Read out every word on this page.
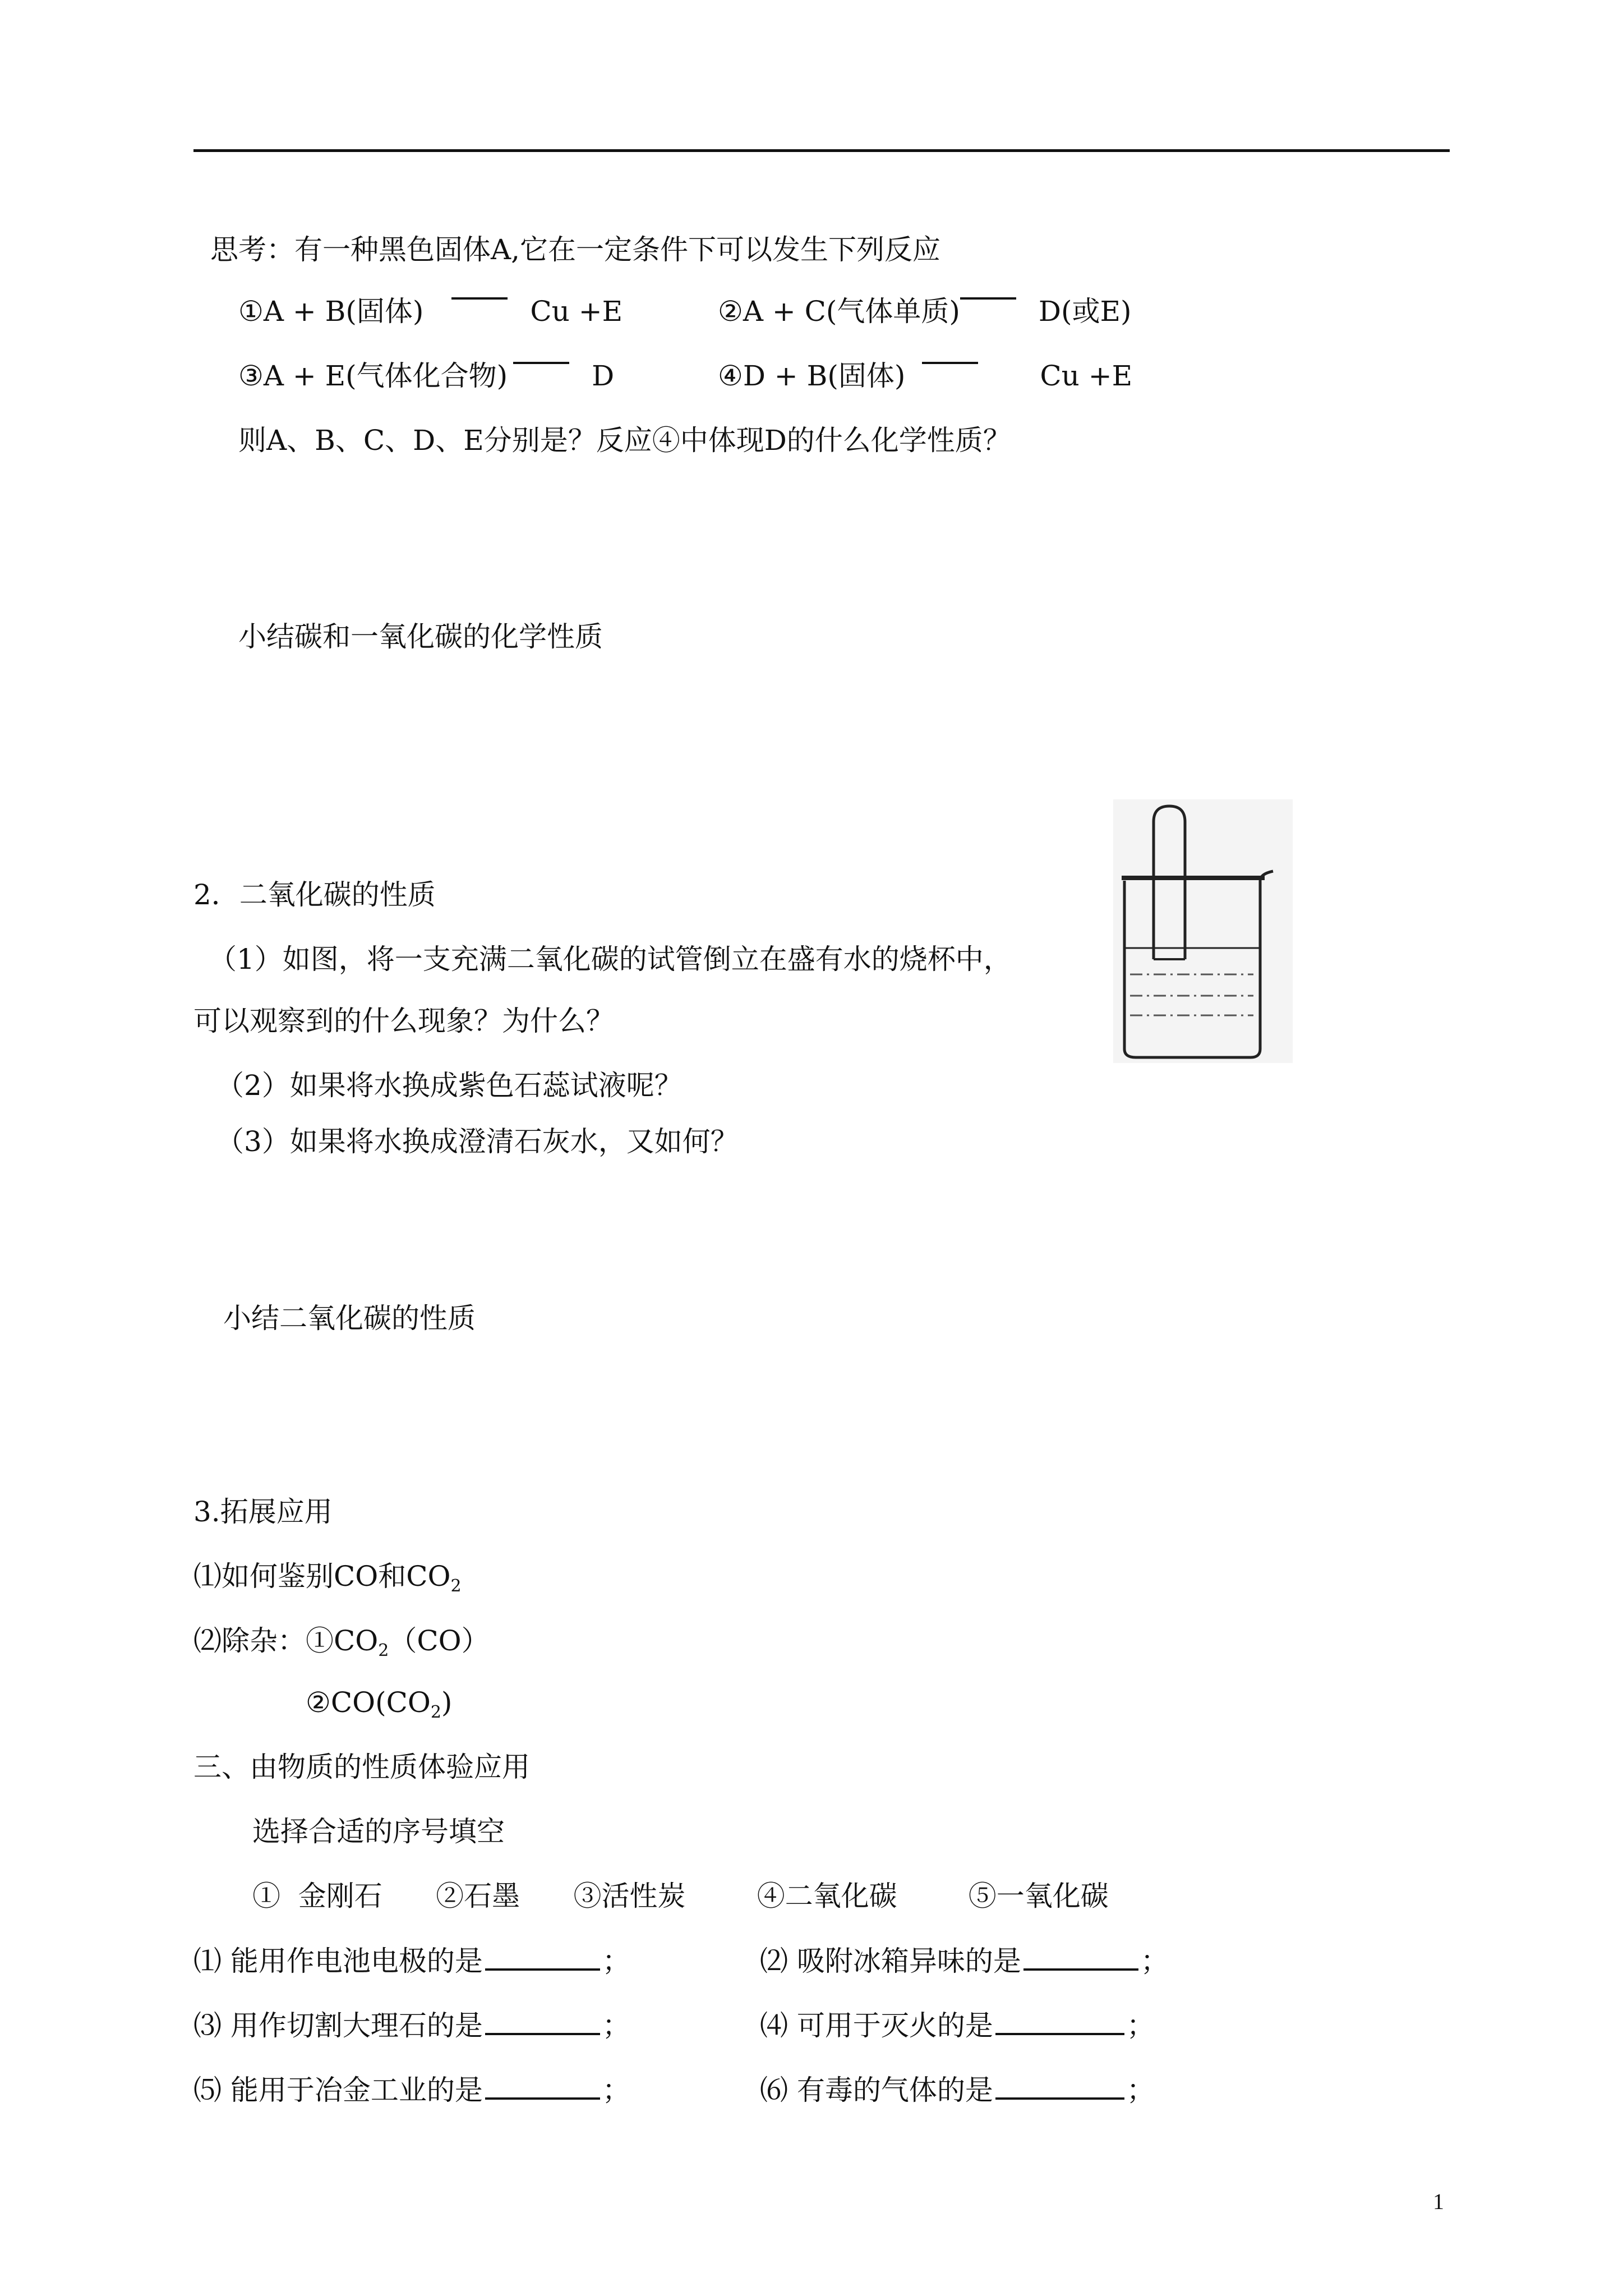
思考：有一种黑色固体A,它在一定条件下可以发生下列反应
①A + B(固体)	Cu +E	②A + C(气体单质)	D(或E)
③A + E(气体化合物)	D	④D + B(固体)	Cu +E
则A、B、C、D、E分别是？反应④中体现D的什么化学性质？
小结碳和一氧化碳的化学性质
2．二氧化碳的性质
（1）如图，将一支充满二氧化碳的试管倒立在盛有水的烧杯中，
可以观察到的什么现象？为什么？
（2）如果将水换成紫色石蕊试液呢？
（3）如果将水换成澄清石灰水，又如何？
小结二氧化碳的性质
3.拓展应用
⑴如何鉴别CO和$CO_2$
⑵除杂：$①CO_2(CO)$
$②CO(CO_2)$
三、由物质的性质体验应用
选择合适的序号填空
①  金刚石      ②石墨      ③活性炭        ④二氧化碳        ⑤一氧化碳
⑴ 能用作电池电极的是	；	⑵ 吸附冰箱异味的是	；
⑶ 用作切割大理石的是	；	⑷ 可用于灭火的是	；
⑸ 能用于冶金工业的是	；	⑹ 有毒的气体的是	；
1
